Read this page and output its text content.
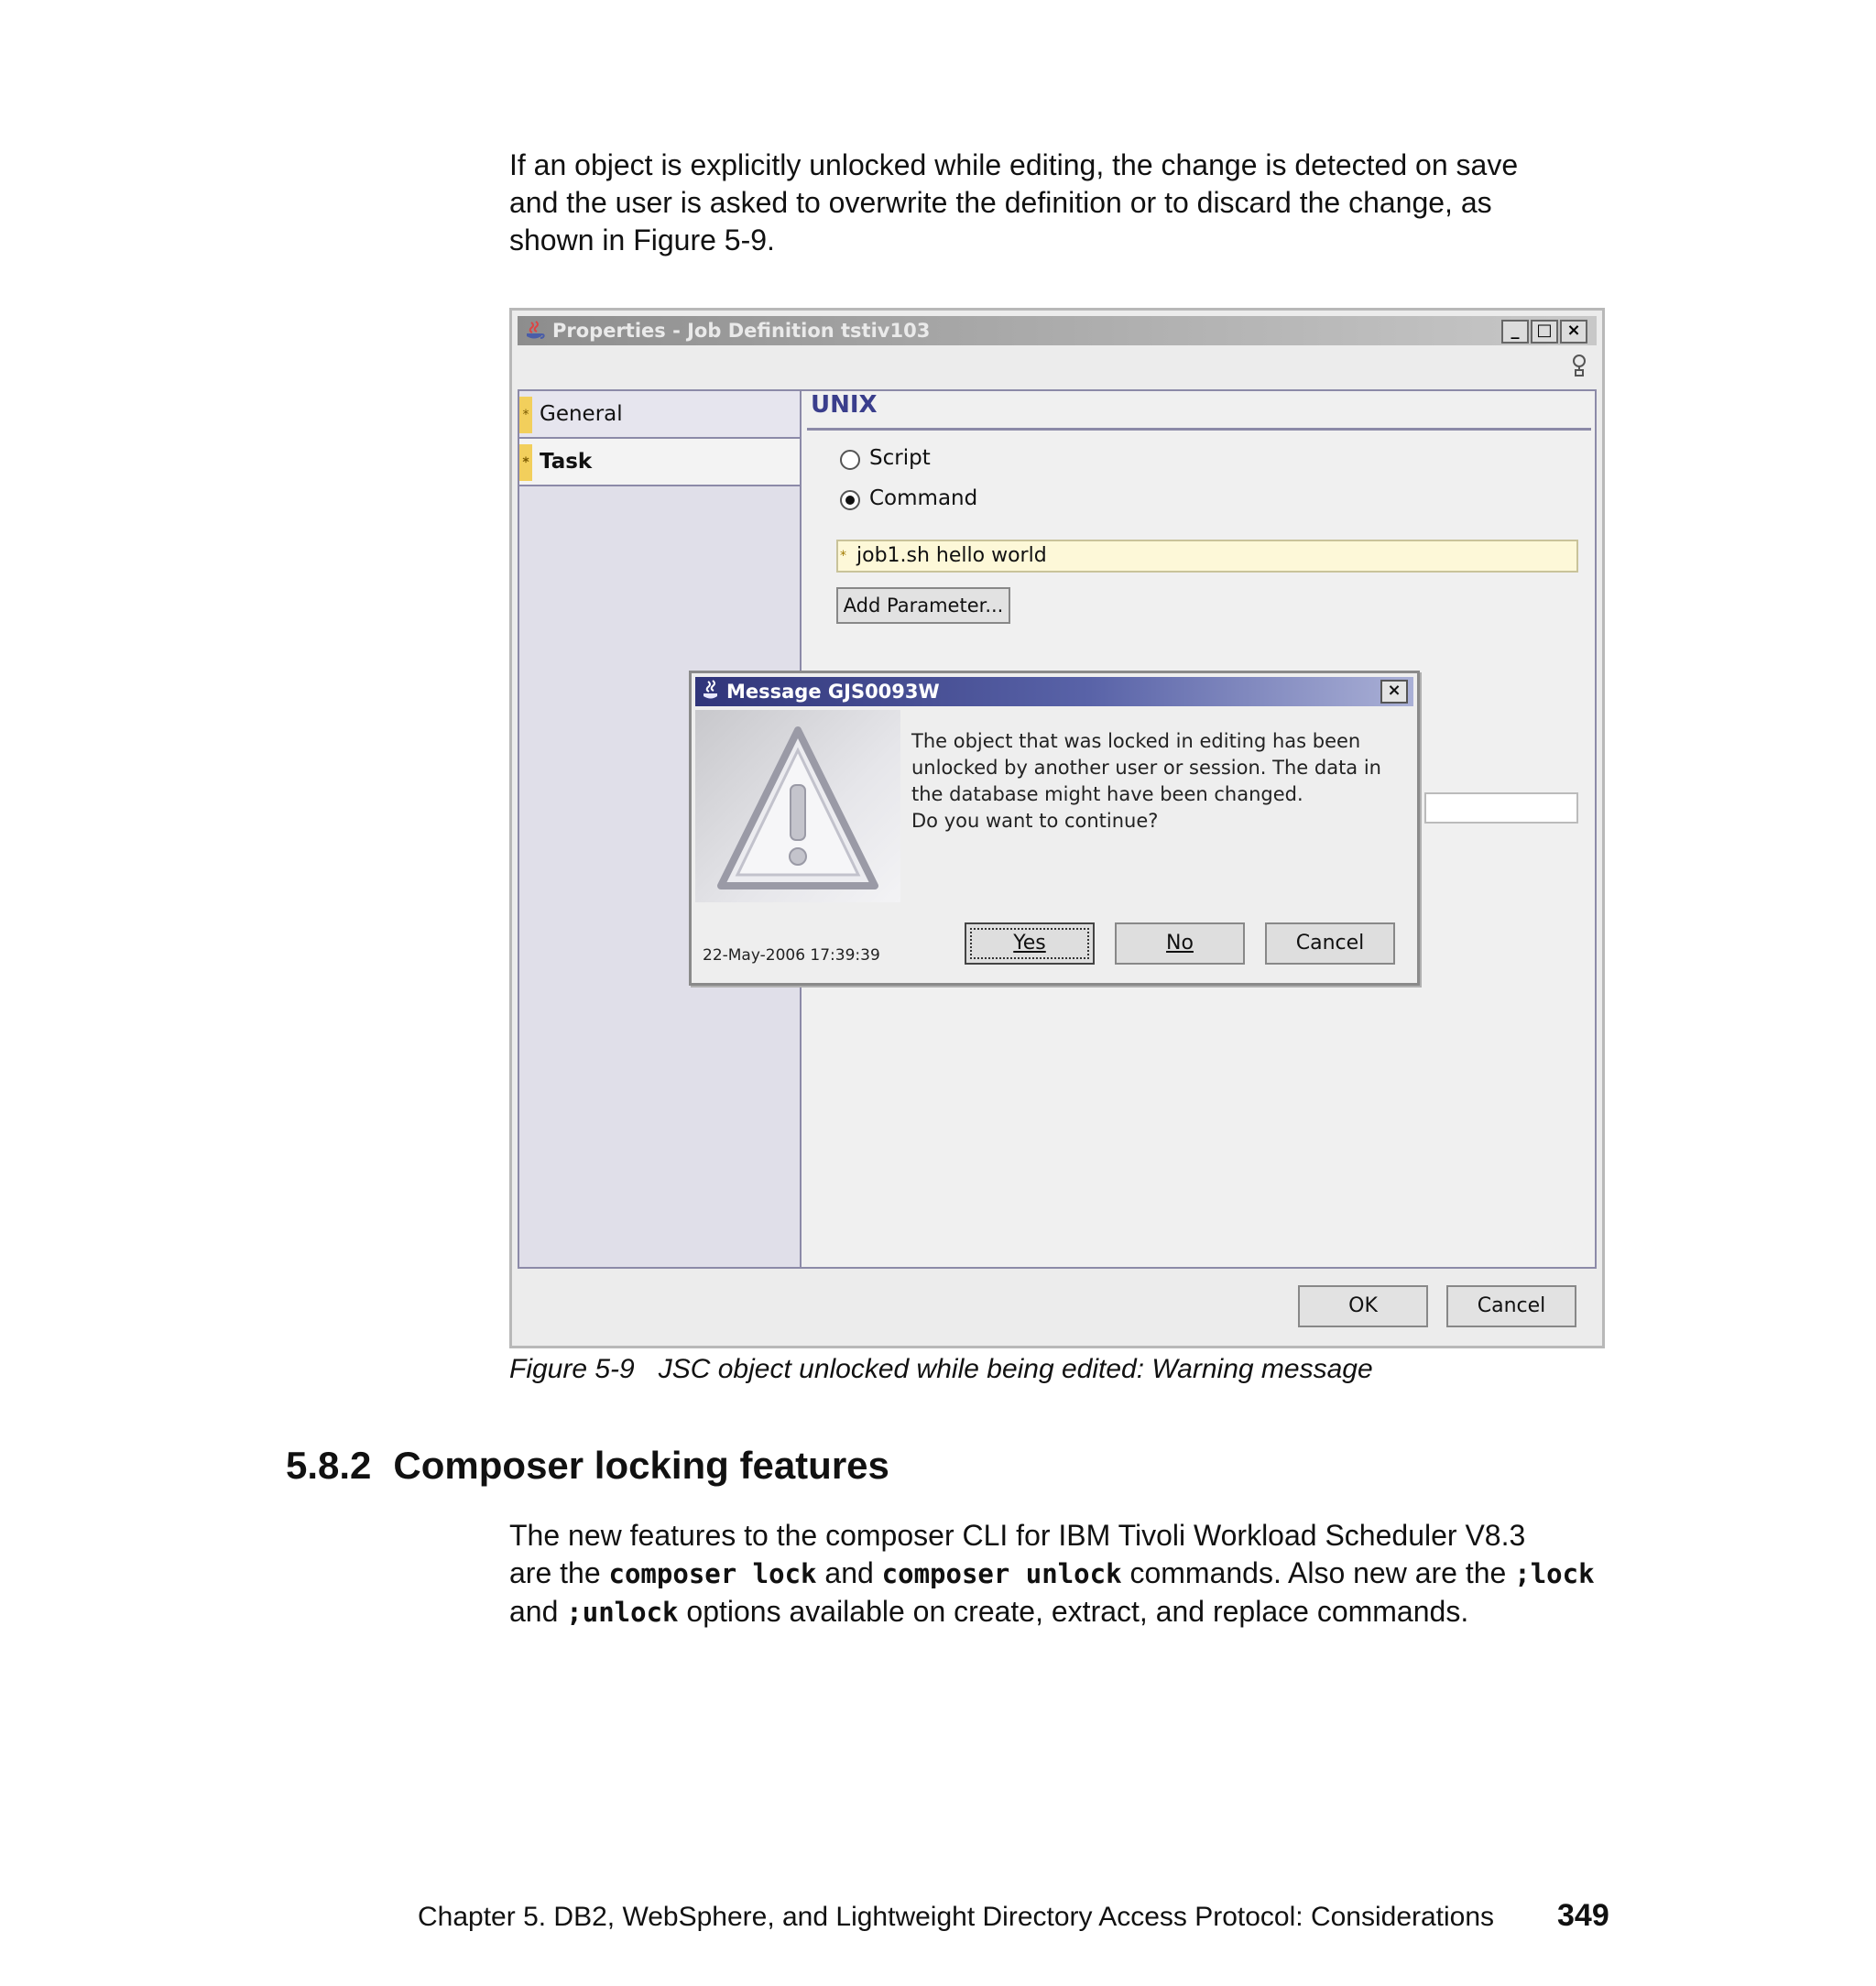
If an object is explicitly unlocked while editing, the change is detected on save
and the user is asked to overwrite the definition or to discard the change, as
shown in Figure 5-9.
Properties - Job Definition tstiv103	_	□ ×
* General
* Task
UNIX
Script
Command
* job1.sh hello world
Add Parameter...
OK	Cancel
Message GJS0093W	×
The object that was locked in editing has been
unlocked by another user or session. The data in
the database might have been changed.
Do you want to continue?
22-May-2006 17:39:39
Yes	No	Cancel
Figure 5-9 JSC object unlocked while being edited: Warning message
5.8.2 Composer locking features
The new features to the composer CLI for IBM Tivoli Workload Scheduler V8.3
are the composer lock and composer unlock commands. Also new are the ;lock
and ;unlock options available on create, extract, and replace commands.
Chapter 5. DB2, WebSphere, and Lightweight Directory Access Protocol: Considerations 349
